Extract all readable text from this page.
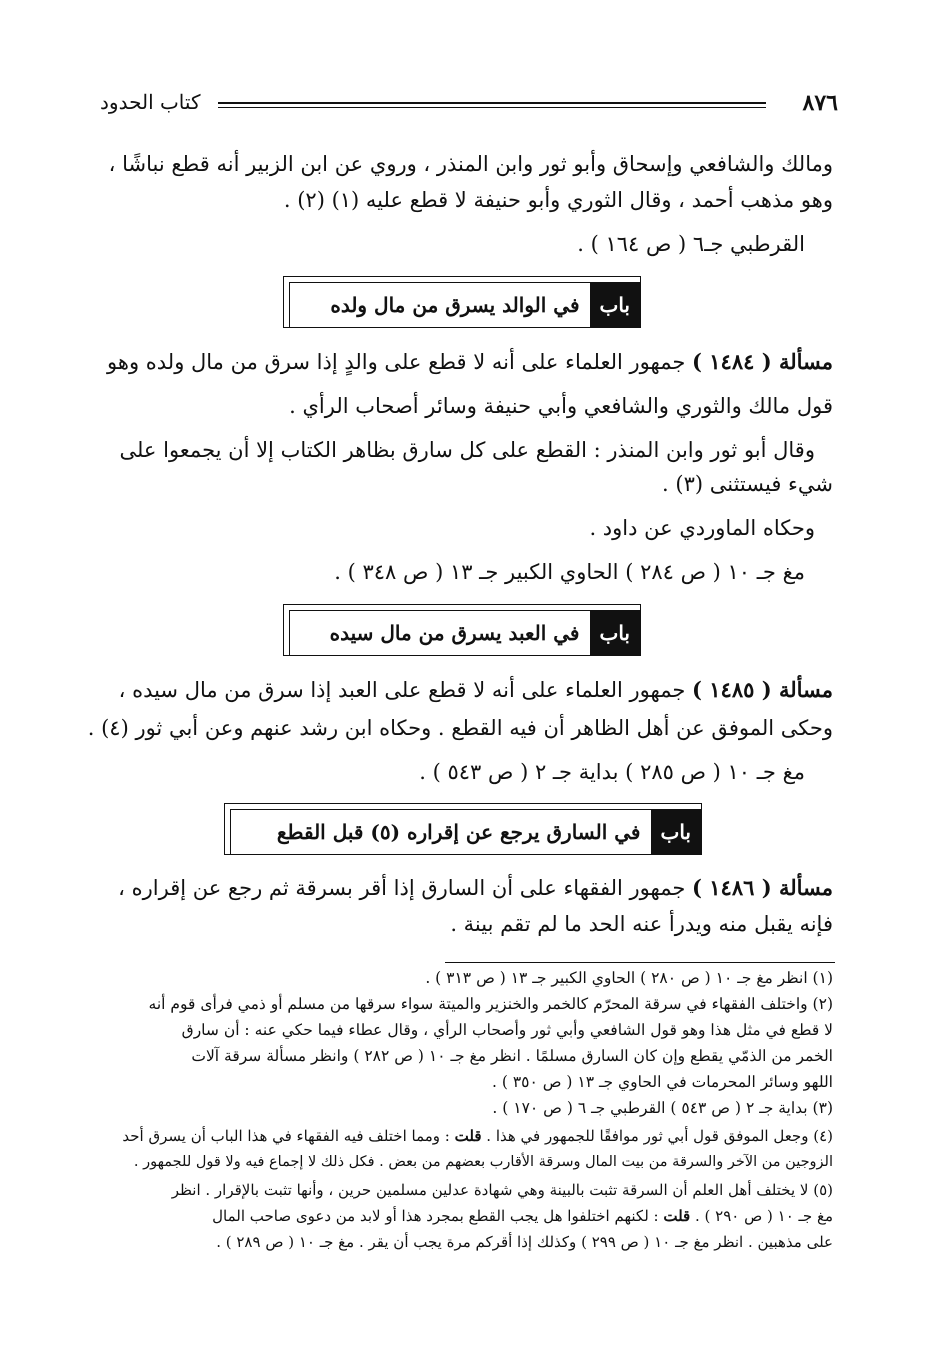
٨٧٦
كتاب الحدود
ومالك والشافعي وإسحاق وأبو ثور وابن المنذر ، وروي عن ابن الزبير أنه قطع نباشًا ،
وهو مذهب أحمد ، وقال الثوري وأبو حنيفة لا قطع عليه (١) (٢) .
القرطبي جـ٦ ( ص ١٦٤ ) .
باب
في الوالد يسرق من مال ولده
مسألة ( ١٤٨٤ ) جمهور العلماء على أنه لا قطع على والدٍ إذا سرق من مال ولده وهو
قول مالك والثوري والشافعي وأبي حنيفة وسائر أصحاب الرأي .
وقال أبو ثور وابن المنذر : القطع على كل سارق بظاهر الكتاب إلا أن يجمعوا على
شيء فيستثنى (٣) .
وحكاه الماوردي عن داود .
مغ جـ ١٠ ( ص ٢٨٤ ) الحاوي الكبير جـ ١٣ ( ص ٣٤٨ ) .
باب
في العبد يسرق من مال سيده
مسألة ( ١٤٨٥ ) جمهور العلماء على أنه لا قطع على العبد إذا سرق من مال سيده ،
وحكى الموفق عن أهل الظاهر أن فيه القطع . وحكاه ابن رشد عنهم وعن أبي ثور (٤) .
مغ جـ ١٠ ( ص ٢٨٥ ) بداية جـ ٢ ( ص ٥٤٣ ) .
باب
في السارق يرجع عن إقراره (٥) قبل القطع
مسألة ( ١٤٨٦ ) جمهور الفقهاء على أن السارق إذا أقر بسرقة ثم رجع عن إقراره ،
فإنه يقبل منه ويدرأ عنه الحد ما لم تقم بينة .
(١) انظر مغ جـ ١٠ ( ص ٢٨٠ ) الحاوي الكبير جـ ١٣ ( ص ٣١٣ ) .
(٢) واختلف الفقهاء في سرقة المحرّم كالخمر والخنزير والميتة سواء سرقها من مسلم أو ذمي فرأى قوم أنه
لا قطع في مثل هذا وهو قول الشافعي وأبي ثور وأصحاب الرأي ، وقال عطاء فيما حكي عنه : أن سارق
الخمر من الذمّي يقطع وإن كان السارق مسلمًا . انظر مغ جـ ١٠ ( ص ٢٨٢ ) وانظر مسألة سرقة آلات
اللهو وسائر المحرمات في الحاوي جـ ١٣ ( ص ٣٥٠ ) .
(٣) بداية جـ ٢ ( ص ٥٤٣ ) القرطبي جـ ٦ ( ص ١٧٠ ) .
(٤) وجعل الموفق قول أبي ثور موافقًا للجمهور في هذا . قلت : ومما اختلف فيه الفقهاء في هذا الباب أن يسرق أحد
الزوجين من الآخر والسرقة من بيت المال وسرقة الأقارب بعضهم من بعض . فكل ذلك لا إجماع فيه ولا قول للجمهور .
(٥) لا يختلف أهل العلم أن السرقة تثبت بالبينة وهي شهادة عدلين مسلمين حرين ، وأنها تثبت بالإقرار . انظر
مغ جـ ١٠ ( ص ٢٩٠ ) . قلت : لكنهم اختلفوا هل يجب القطع بمجرد هذا أو لابد من دعوى صاحب المال
على مذهبين . انظر مغ جـ ١٠ ( ص ٢٩٩ ) وكذلك إذا أقركم مرة يجب أن يقر . مغ جـ ١٠ ( ص ٢٨٩ ) .
